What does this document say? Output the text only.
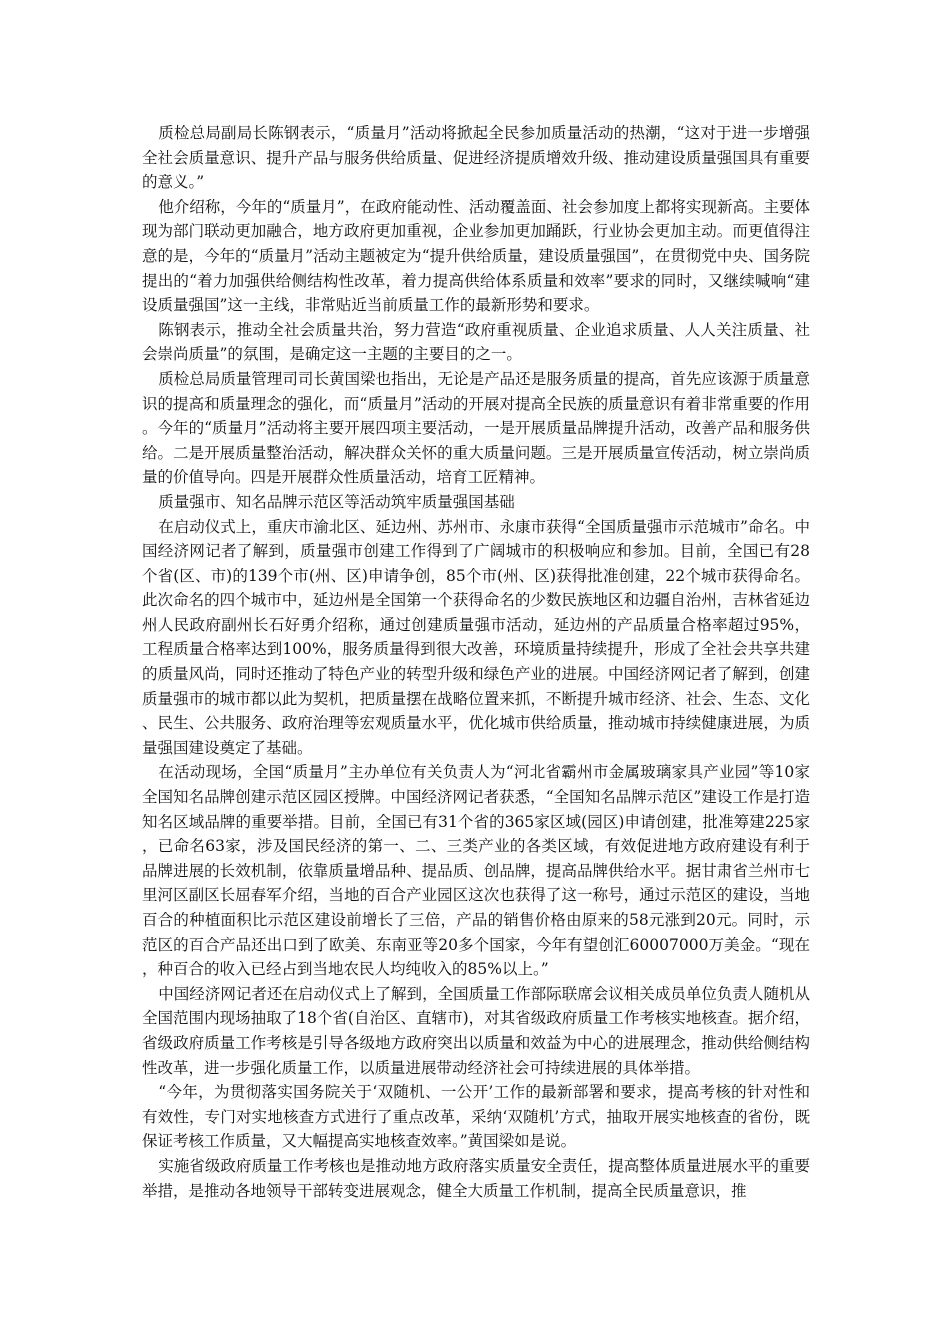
质检总局副局长陈钢表示，“质量月”活动将掀起全民参加质量活动的热潮，“这对于进一步增强全社会质量意识、提升产品与服务供给质量、促进经济提质增效升级、推动建设质量强国具有重要的意义。”

他介绍称，今年的“质量月”，在政府能动性、活动覆盖面、社会参加度上都将实现新高。主要体现为部门联动更加融合，地方政府更加重视，企业参加更加踊跃，行业协会更加主动。而更值得注意的是，今年的“质量月”活动主题被定为“提升供给质量，建设质量强国”，在贯彻党中央、国务院提出的“着力加强供给侧结构性改革，着力提高供给体系质量和效率”要求的同时，又继续喊响“建设质量强国”这一主线，非常贴近当前质量工作的最新形势和要求。

陈钢表示，推动全社会质量共治，努力营造“政府重视质量、企业追求质量、人人关注质量、社会崇尚质量”的氛围，是确定这一主题的主要目的之一。

质检总局质量管理司司长黄国梁也指出，无论是产品还是服务质量的提高，首先应该源于质量意识的提高和质量理念的强化，而“质量月”活动的开展对提高全民族的质量意识有着非常重要的作用。今年的“质量月”活动将主要开展四项主要活动，一是开展质量品牌提升活动，改善产品和服务供给。二是开展质量整治活动，解决群众关怀的重大质量问题。三是开展质量宣传活动，树立崇尚质量的价值导向。四是开展群众性质量活动，培育工匠精神。

质量强市、知名品牌示范区等活动筑牢质量强国基础

在启动仪式上，重庆市渝北区、延边州、苏州市、永康市获得“全国质量强市示范城市”命名。中国经济网记者了解到，质量强市创建工作得到了广阔城市的积极响应和参加。目前，全国已有28个省(区、市)的139个市(州、区)申请争创，85个市(州、区)获得批准创建，22个城市获得命名。此次命名的四个城市中，延边州是全国第一个获得命名的少数民族地区和边疆自治州，吉林省延边州人民政府副州长石好勇介绍称，通过创建质量强市活动，延边州的产品质量合格率超过95%，工程质量合格率达到100%，服务质量得到很大改善，环境质量持续提升，形成了全社会共享共建的质量风尚，同时还推动了特色产业的转型升级和绿色产业的进展。中国经济网记者了解到，创建质量强市的城市都以此为契机，把质量摆在战略位置来抓，不断提升城市经济、社会、生态、文化、民生、公共服务、政府治理等宏观质量水平，优化城市供给质量，推动城市持续健康进展，为质量强国建设奠定了基础。

在活动现场，全国“质量月”主办单位有关负责人为“河北省霸州市金属玻璃家具产业园”等10家全国知名品牌创建示范区园区授牌。中国经济网记者获悉，“全国知名品牌示范区”建设工作是打造知名区域品牌的重要举措。目前，全国已有31个省的365家区域(园区)申请创建，批准筹建225家，已命名63家，涉及国民经济的第一、二、三类产业的各类区域，有效促进地方政府建设有利于品牌进展的长效机制，依靠质量增品种、提品质、创品牌，提高品牌供给水平。据甘肃省兰州市七里河区副区长屈春军介绍，当地的百合产业园区这次也获得了这一称号，通过示范区的建设，当地百合的种植面积比示范区建设前增长了三倍，产品的销售价格由原来的58元涨到20元。同时，示范区的百合产品还出口到了欧美、东南亚等20多个国家，今年有望创汇60007000万美金。“现在，种百合的收入已经占到当地农民人均纯收入的85%以上。”

中国经济网记者还在启动仪式上了解到，全国质量工作部际联席会议相关成员单位负责人随机从全国范围内现场抽取了18个省(自治区、直辖市)，对其省级政府质量工作考核实地核查。据介绍，省级政府质量工作考核是引导各级地方政府突出以质量和效益为中心的进展理念，推动供给侧结构性改革，进一步强化质量工作，以质量进展带动经济社会可持续进展的具体举措。

“今年，为贯彻落实国务院关于‘双随机、一公开’工作的最新部署和要求，提高考核的针对性和有效性，专门对实地核查方式进行了重点改革，采纳‘双随机’方式，抽取开展实地核查的省份，既保证考核工作质量，又大幅提高实地核查效率。”黄国梁如是说。

实施省级政府质量工作考核也是推动地方政府落实质量安全责任，提高整体质量进展水平的重要举措，是推动各地领导干部转变进展观念，健全大质量工作机制，提高全民质量意识，推
